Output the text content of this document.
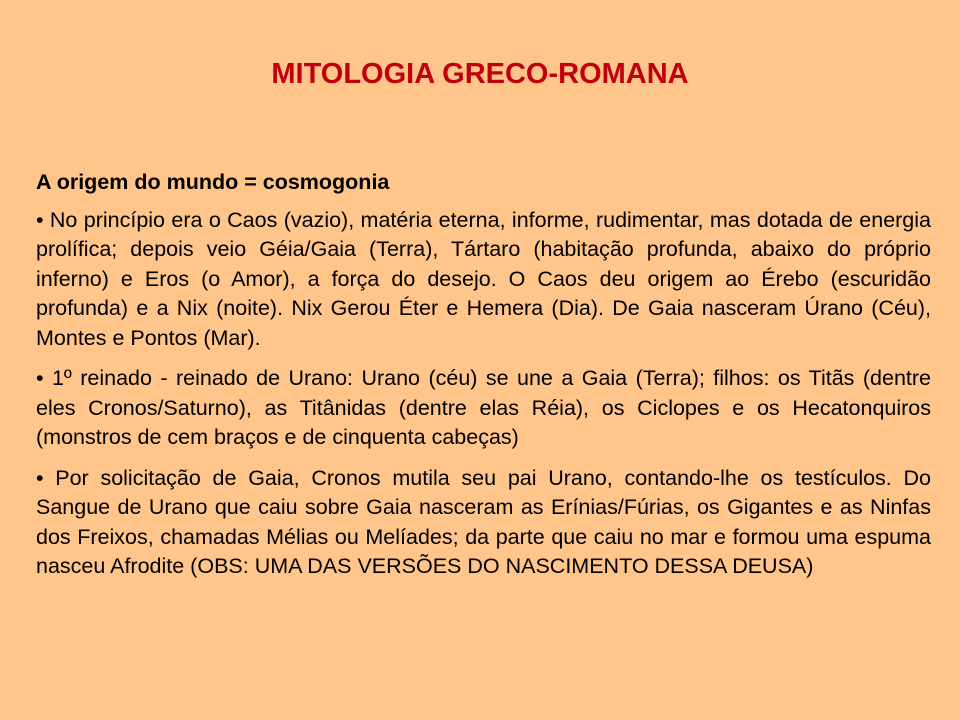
MITOLOGIA GRECO-ROMANA

A origem do mundo = cosmogonia

• No princípio era o Caos (vazio), matéria eterna, informe, rudimentar, mas dotada de energia prolífica; depois veio Géia/Gaia (Terra), Tártaro (habitação profunda, abaixo do próprio inferno) e Eros (o Amor), a força do desejo. O Caos deu origem ao Érebo (escuridão profunda) e a Nix (noite). Nix Gerou Éter e Hemera (Dia). De Gaia nasceram Úrano (Céu), Montes e Pontos (Mar).

• 1º reinado - reinado de Urano: Urano (céu) se une a Gaia (Terra); filhos: os Titãs (dentre eles Cronos/Saturno), as Titânidas (dentre elas Réia), os Ciclopes e os Hecatonquiros (monstros de cem braços e de cinquenta cabeças)

• Por solicitação de Gaia, Cronos mutila seu pai Urano, contando-lhe os testículos. Do Sangue de Urano que caiu sobre Gaia nasceram as Erínias/Fúrias, os Gigantes e as Ninfas dos Freixos, chamadas Mélias ou Melíades; da parte que caiu no mar e formou uma espuma nasceu Afrodite (OBS: UMA DAS VERSÕES DO NASCIMENTO DESSA DEUSA)
